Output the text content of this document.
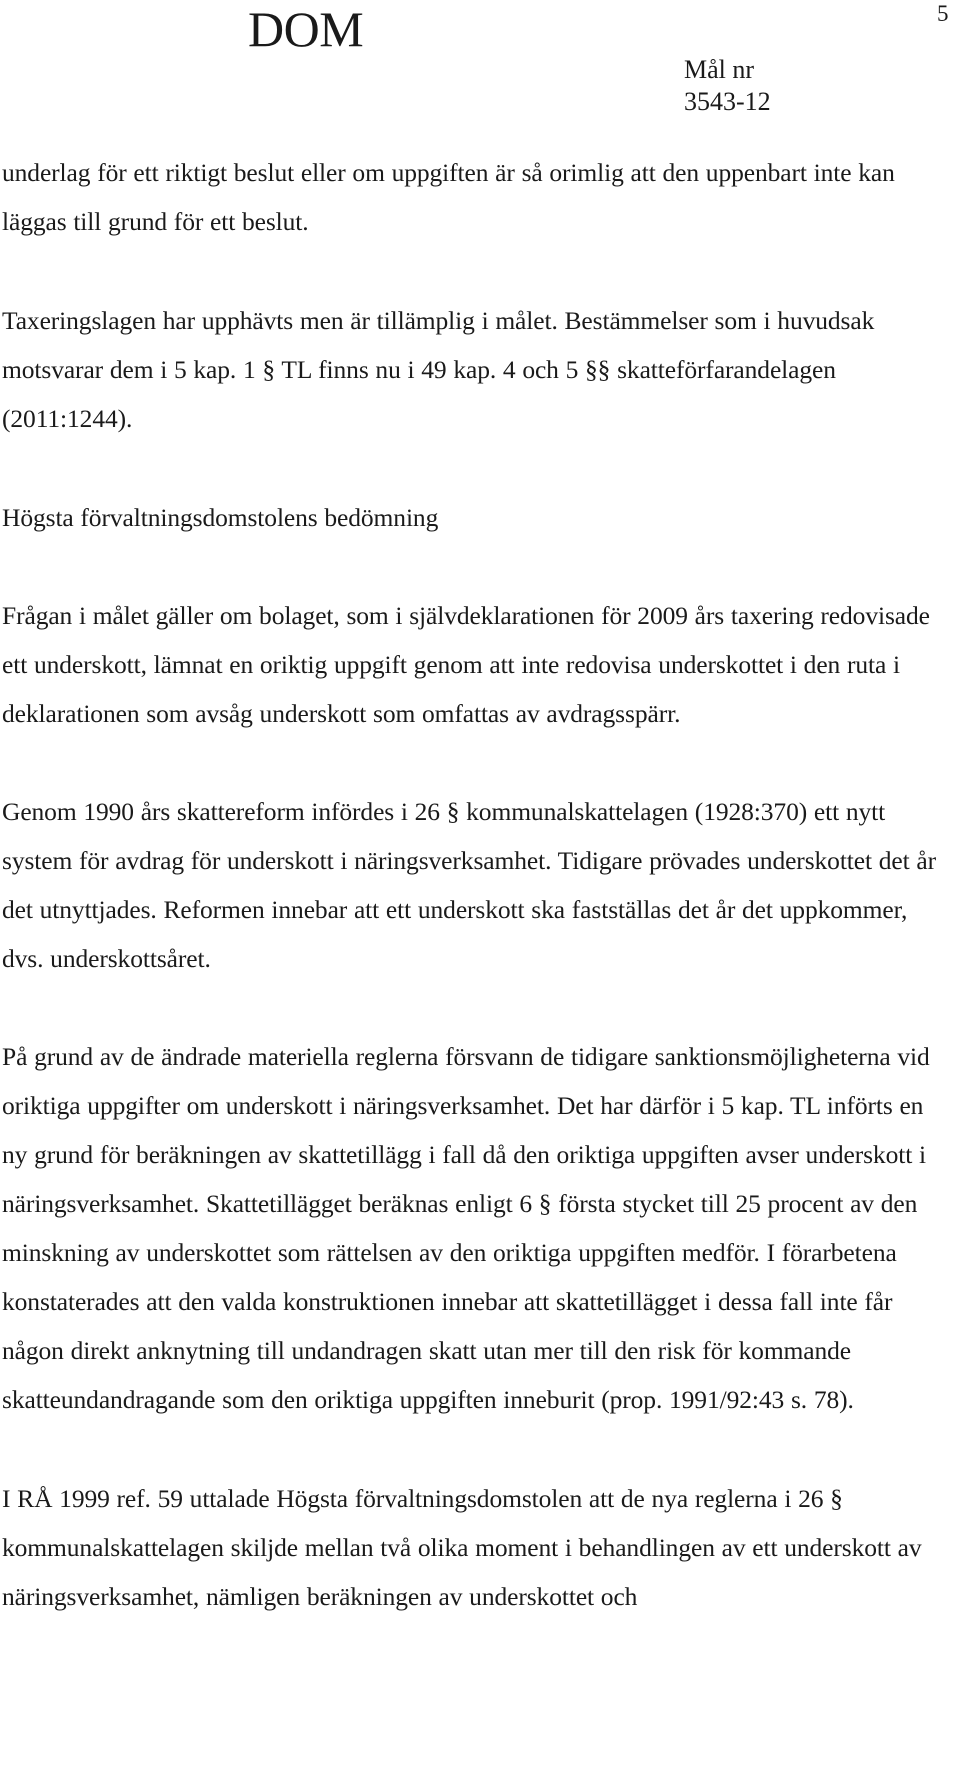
DOM	5
Mål nr
3543-12

underlag för ett riktigt beslut eller om uppgiften är så orimlig att den uppenbart inte kan läggas till grund för ett beslut.

Taxeringslagen har upphävts men är tillämplig i målet. Bestämmelser som i huvudsak motsvarar dem i 5 kap. 1 § TL finns nu i 49 kap. 4 och 5 §§ skatteförfarandelagen (2011:1244).

Högsta förvaltningsdomstolens bedömning

Frågan i målet gäller om bolaget, som i självdeklarationen för 2009 års taxering redovisade ett underskott, lämnat en oriktig uppgift genom att inte redovisa underskottet i den ruta i deklarationen som avsåg underskott som omfattas av avdragsspärr.

Genom 1990 års skattereform infördes i 26 § kommunalskattelagen (1928:370) ett nytt system för avdrag för underskott i näringsverksamhet. Tidigare prövades underskottet det år det utnyttjades. Reformen innebar att ett underskott ska fastställas det år det uppkommer, dvs. underskottsåret.

På grund av de ändrade materiella reglerna försvann de tidigare sanktionsmöjligheterna vid oriktiga uppgifter om underskott i näringsverksamhet. Det har därför i 5 kap. TL införts en ny grund för beräkningen av skattetillägg i fall då den oriktiga uppgiften avser underskott i näringsverksamhet. Skattetillägget beräknas enligt 6 § första stycket till 25 procent av den minskning av underskottet som rättelsen av den oriktiga uppgiften medför. I förarbetena konstaterades att den valda konstruktionen innebar att skattetillägget i dessa fall inte får någon direkt anknytning till undandragen skatt utan mer till den risk för kommande skatteundandragande som den oriktiga uppgiften inneburit (prop. 1991/92:43 s. 78).

I RÅ 1999 ref. 59 uttalade Högsta förvaltningsdomstolen att de nya reglerna i 26 § kommunalskattelagen skiljde mellan två olika moment i behandlingen av ett underskott av näringsverksamhet, nämligen beräkningen av underskottet och
